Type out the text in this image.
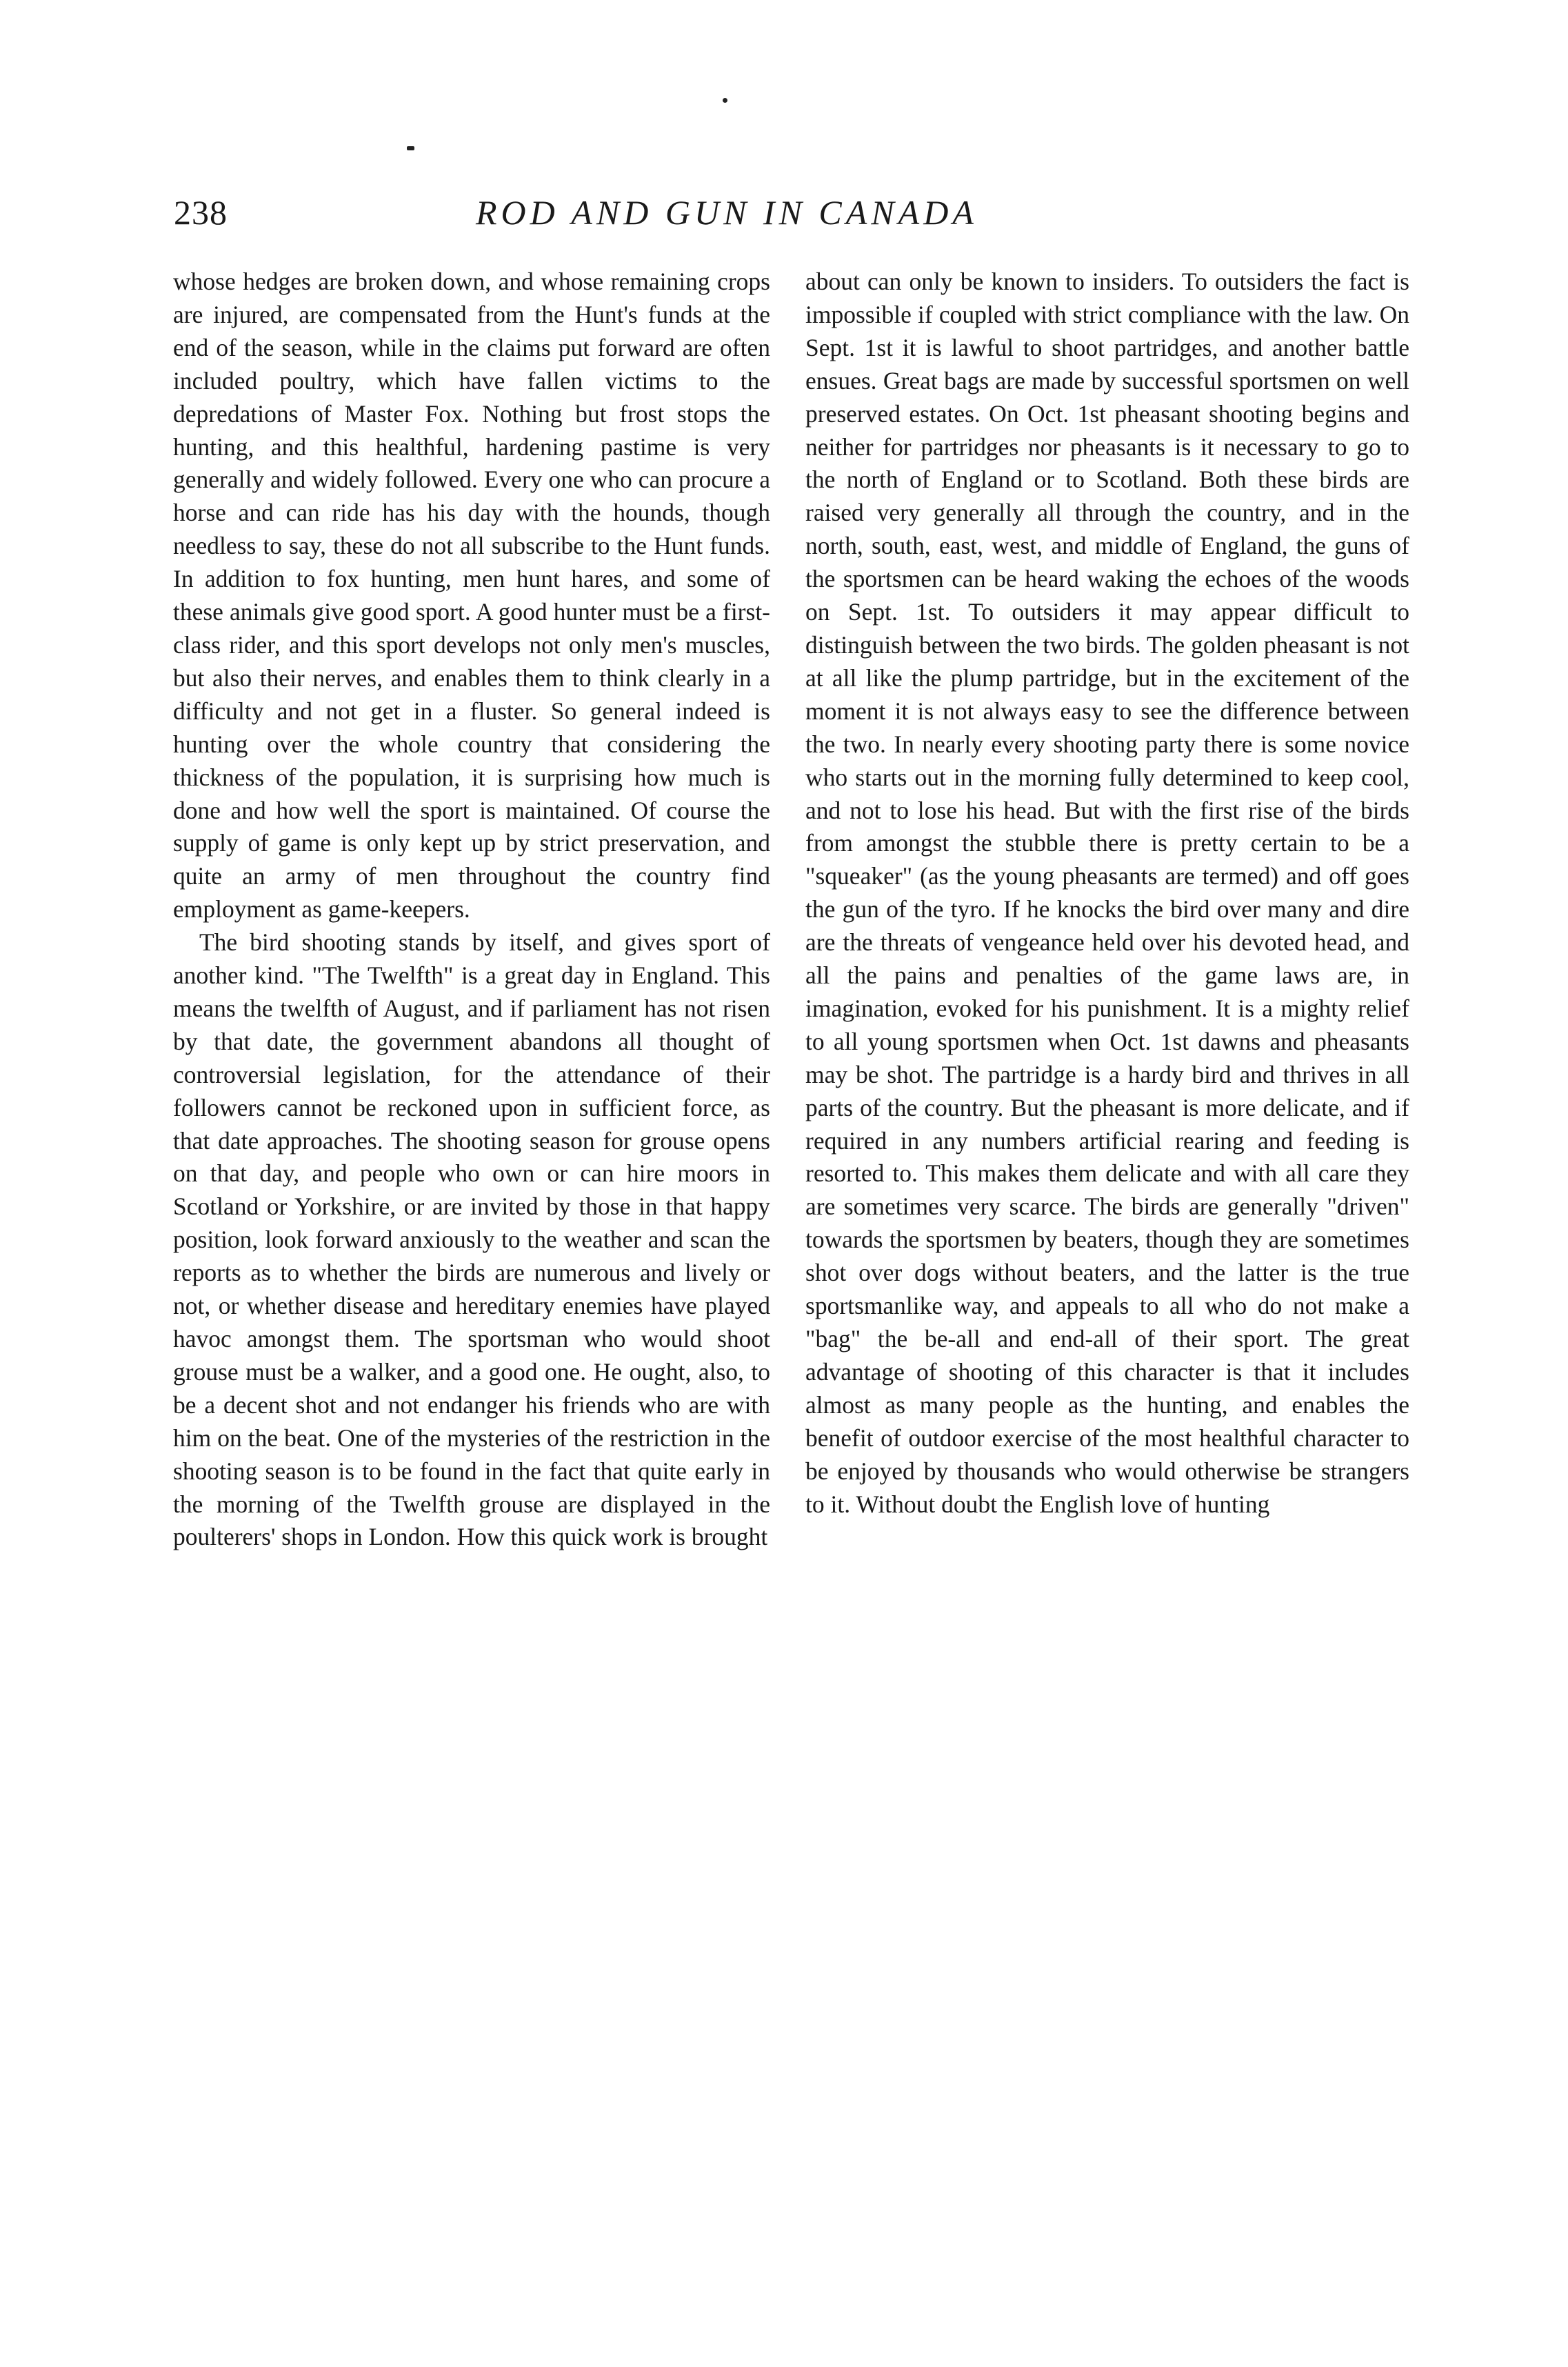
238	ROD AND GUN IN CANADA

whose hedges are broken down, and whose remaining crops are injured, are compensated from the Hunt's funds at the end of the season, while in the claims put forward are often included poultry, which have fallen victims to the depredations of Master Fox. Nothing but frost stops the hunting, and this healthful, hardening pastime is very generally and widely followed. Every one who can procure a horse and can ride has his day with the hounds, though needless to say, these do not all subscribe to the Hunt funds. In addition to fox hunting, men hunt hares, and some of these animals give good sport. A good hunter must be a first-class rider, and this sport develops not only men's muscles, but also their nerves, and enables them to think clearly in a difficulty and not get in a fluster. So general indeed is hunting over the whole country that considering the thickness of the population, it is surprising how much is done and how well the sport is maintained. Of course the supply of game is only kept up by strict preservation, and quite an army of men throughout the country find employment as game-keepers.

The bird shooting stands by itself, and gives sport of another kind. "The Twelfth" is a great day in England. This means the twelfth of August, and if parliament has not risen by that date, the government abandons all thought of controversial legislation, for the attendance of their followers cannot be reckoned upon in sufficient force, as that date approaches. The shooting season for grouse opens on that day, and people who own or can hire moors in Scotland or Yorkshire, or are invited by those in that happy position, look forward anxiously to the weather and scan the reports as to whether the birds are numerous and lively or not, or whether disease and hereditary enemies have played havoc amongst them. The sportsman who would shoot grouse must be a walker, and a good one. He ought, also, to be a decent shot and not endanger his friends who are with him on the beat. One of the mysteries of the restriction in the shooting season is to be found in the fact that quite early in the morning of the Twelfth grouse are displayed in the poulterers' shops in London. How this quick work is brought

about can only be known to insiders. To outsiders the fact is impossible if coupled with strict compliance with the law. On Sept. 1st it is lawful to shoot partridges, and another battle ensues. Great bags are made by successful sportsmen on well preserved estates. On Oct. 1st pheasant shooting begins and neither for partridges nor pheasants is it necessary to go to the north of England or to Scotland. Both these birds are raised very generally all through the country, and in the north, south, east, west, and middle of England, the guns of the sportsmen can be heard waking the echoes of the woods on Sept. 1st. To outsiders it may appear difficult to distinguish between the two birds. The golden pheasant is not at all like the plump partridge, but in the excitement of the moment it is not always easy to see the difference between the two. In nearly every shooting party there is some novice who starts out in the morning fully determined to keep cool, and not to lose his head. But with the first rise of the birds from amongst the stubble there is pretty certain to be a "squeaker" (as the young pheasants are termed) and off goes the gun of the tyro. If he knocks the bird over many and dire are the threats of vengeance held over his devoted head, and all the pains and penalties of the game laws are, in imagination, evoked for his punishment. It is a mighty relief to all young sportsmen when Oct. 1st dawns and pheasants may be shot. The partridge is a hardy bird and thrives in all parts of the country. But the pheasant is more delicate, and if required in any numbers artificial rearing and feeding is resorted to. This makes them delicate and with all care they are sometimes very scarce. The birds are generally "driven" towards the sportsmen by beaters, though they are sometimes shot over dogs without beaters, and the latter is the true sportsmanlike way, and appeals to all who do not make a "bag" the be-all and end-all of their sport. The great advantage of shooting of this character is that it includes almost as many people as the hunting, and enables the benefit of outdoor exercise of the most healthful character to be enjoyed by thousands who would otherwise be strangers to it. Without doubt the English love of hunting
